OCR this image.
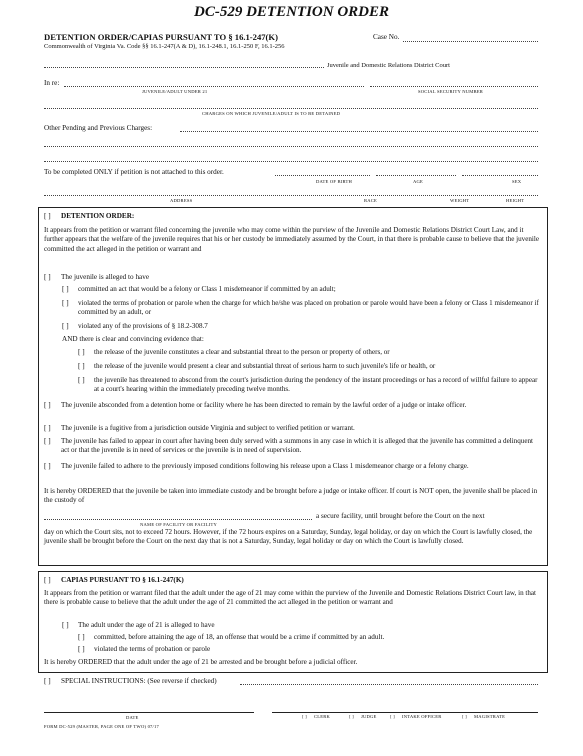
DC-529 DETENTION ORDER
DETENTION ORDER/CAPIAS PURSUANT TO § 16.1-247(K)	Case No.
Commonwealth of Virginia Va. Code §§ 16.1-247(A & D), 16.1-248.1, 16.1-250 F, 16.1-256
Juvenile and Domestic Relations District Court
In re:
JUVENILE/ADULT UNDER 21	SOCIAL SECURITY NUMBER
CHARGES ON WHICH JUVENILE/ADULT IS TO BE DETAINED
Other Pending and Previous Charges:
To be completed ONLY if petition is not attached to this order.
DATE OF BIRTH	AGE	SEX
ADDRESS	RACE	WEIGHT	HEIGHT
[ ] DETENTION ORDER:
It appears from the petition or warrant filed concerning the juvenile who may come within the purview of the Juvenile and Domestic Relations District Court Law, and it further appears that the welfare of the juvenile requires that his or her custody be immediately assumed by the Court, in that there is probable cause to believe that the juvenile committed the act alleged in the petition or warrant and
[ ] The juvenile is alleged to have
[ ] committed an act that would be a felony or Class 1 misdemeanor if committed by an adult;
[ ] violated the terms of probation or parole when the charge for which he/she was placed on probation or parole would have been a felony or Class 1 misdemeanor if committed by an adult, or
[ ] violated any of the provisions of § 18.2-308.7
AND there is clear and convincing evidence that:
[ ] the release of the juvenile constitutes a clear and substantial threat to the person or property of others, or
[ ] the release of the juvenile would present a clear and substantial threat of serious harm to such juvenile's life or health, or
[ ] the juvenile has threatened to abscond from the court's jurisdiction during the pendency of the instant proceedings or has a record of willful failure to appear at a court's hearing within the immediately preceding twelve months.
[ ] The juvenile absconded from a detention home or facility where he has been directed to remain by the lawful order of a judge or intake officer.
[ ] The juvenile is a fugitive from a jurisdiction outside Virginia and subject to verified petition or warrant.
[ ] The juvenile has failed to appear in court after having been duly served with a summons in any case in which it is alleged that the juvenile has committed a delinquent act or that the juvenile is in need of services or the juvenile is in need of supervision.
[ ] The juvenile failed to adhere to the previously imposed conditions following his release upon a Class 1 misdemeanor charge or a felony charge.
It is hereby ORDERED that the juvenile be taken into immediate custody and be brought before a judge or intake officer. If court is NOT open, the juvenile shall be placed in the custody of
a secure facility, until brought before the Court on the next
NAME OF FACILITY OR FACILITY
day on which the Court sits, not to exceed 72 hours. However, if the 72 hours expires on a Saturday, Sunday, legal holiday, or day on which the Court is lawfully closed, the juvenile shall be brought before the Court on the next day that is not a Saturday, Sunday, legal holiday or day on which the Court is lawfully closed.
[ ] CAPIAS PURSUANT TO § 16.1-247(K)
It appears from the petition or warrant filed that the adult under the age of 21 may come within the purview of the Juvenile and Domestic Relations District Court law, in that there is probable cause to believe that the adult under the age of 21 committed the act alleged in the petition or warrant and
[ ] The adult under the age of 21 is alleged to have
[ ] committed, before attaining the age of 18, an offense that would be a crime if committed by an adult.
[ ] violated the terms of probation or parole
It is hereby ORDERED that the adult under the age of 21 be arrested and be brought before a judicial officer.
[ ] SPECIAL INSTRUCTIONS: (See reverse if checked)
DATE	[ ] CLERK	[ ] JUDGE	[ ] INTAKE OFFICER	[ ] MAGISTRATE
FORM DC-529 (MASTER, PAGE ONE OF TWO) 07/17
